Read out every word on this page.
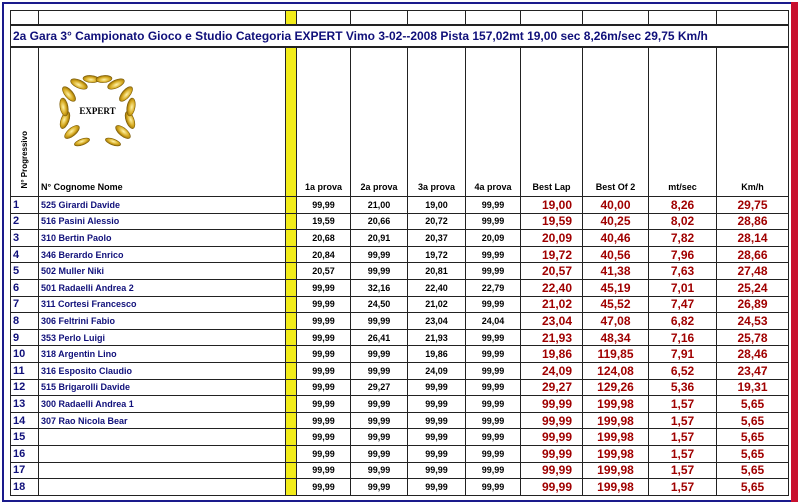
2a Gara 3° Campionato Gioco e Studio Categoria EXPERT Vimo 3-02--2008 Pista 157,02mt 19,00 sec 8,26m/sec 29,75 Km/h										
N° Progressivo	N° Cognome Nome		1a prova	2a prova	3a prova	4a prova	Best Lap	Best Of 2	mt/sec	Km/h
1	525 Girardi Davide		99,99	21,00	19,00	99,99	19,00	40,00	8,26	29,75
2	516 Pasini Alessio		19,59	20,66	20,72	99,99	19,59	40,25	8,02	28,86
3	310 Bertin Paolo		20,68	20,91	20,37	20,09	20,09	40,46	7,82	28,14
4	346 Berardo Enrico		20,84	99,99	19,72	99,99	19,72	40,56	7,96	28,66
5	502 Muller Niki		20,57	99,99	20,81	99,99	20,57	41,38	7,63	27,48
6	501 Radaelli Andrea 2		99,99	32,16	22,40	22,79	22,40	45,19	7,01	25,24
7	311 Cortesi Francesco		99,99	24,50	21,02	99,99	21,02	45,52	7,47	26,89
8	306 Feltrini Fabio		99,99	99,99	23,04	24,04	23,04	47,08	6,82	24,53
9	353 Perlo Luigi		99,99	26,41	21,93	99,99	21,93	48,34	7,16	25,78
10	318 Argentin Lino		99,99	99,99	19,86	99,99	19,86	119,85	7,91	28,46
11	316 Esposito Claudio		99,99	99,99	24,09	99,99	24,09	124,08	6,52	23,47
12	515 Brigarolli Davide		99,99	29,27	99,99	99,99	29,27	129,26	5,36	19,31
13	300 Radaelli Andrea 1		99,99	99,99	99,99	99,99	99,99	199,98	1,57	5,65
14	307 Rao Nicola Bear		99,99	99,99	99,99	99,99	99,99	199,98	1,57	5,65
15			99,99	99,99	99,99	99,99	99,99	199,98	1,57	5,65
16			99,99	99,99	99,99	99,99	99,99	199,98	1,57	5,65
17			99,99	99,99	99,99	99,99	99,99	199,98	1,57	5,65
18			99,99	99,99	99,99	99,99	99,99	199,98	1,57	5,65
EXPERT
